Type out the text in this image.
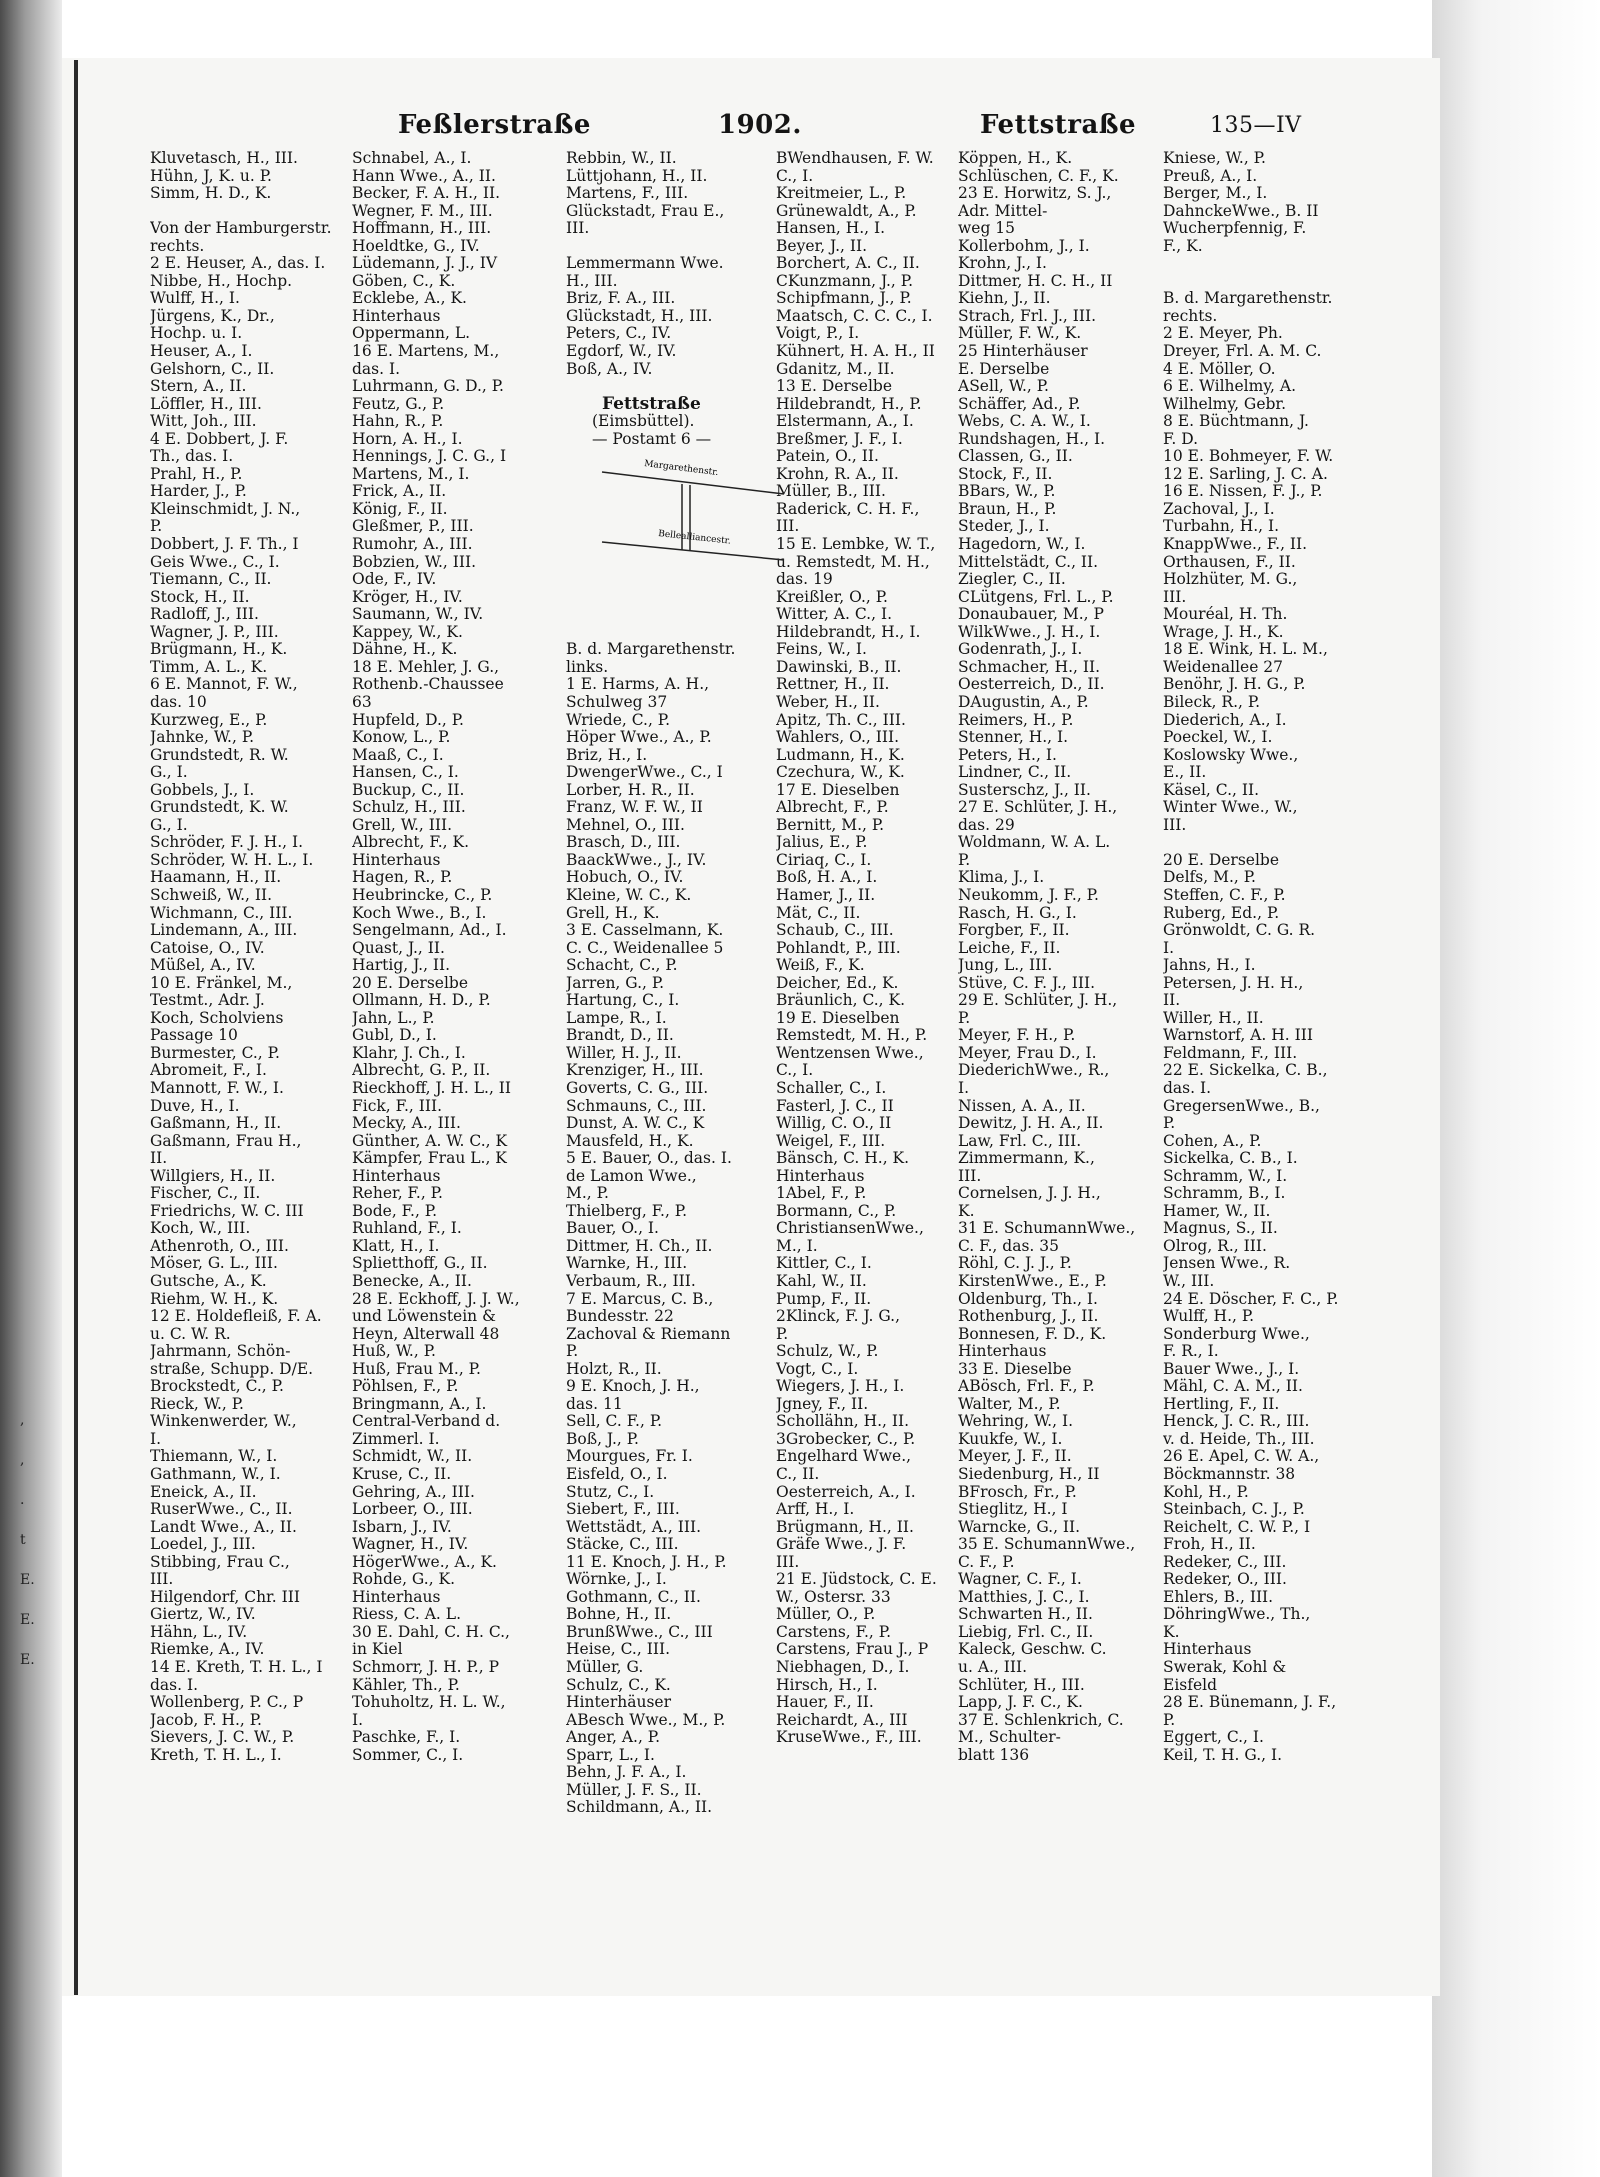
Feßlerstraße	1902.	Fettstraße	135—IV
Kluvetasch, H., III.
Hühn, J, K. u. P.
Simm, H. D., K.
Von der Hamburgerstr.
rechts.
2 E. Heuser, A., das. I.
Nibbe, H., Hochp.
Wulff, H., I.
Jürgens, K., Dr.,
Hochp. u. I.
Heuser, A., I.
Gelshorn, C., II.
Stern, A., II.
Löffler, H., III.
Witt, Joh., III.
4 E. Dobbert, J. F.
Th., das. I.
Prahl, H., P.
Harder, J., P.
Kleinschmidt, J. N.,
P.
Dobbert, J. F. Th., I
Geis Wwe., C., I.
Tiemann, C., II.
Stock, H., II.
Radloff, J., III.
Wagner, J. P., III.
Brügmann, H., K.
Timm, A. L., K.
6 E. Mannot, F. W.,
das. 10
Kurzweg, E., P.
Jahnke, W., P.
Grundstedt, R. W.
G., I.
Gobbels, J., I.
Grundstedt, K. W.
G., I.
Schröder, F. J. H., I.
Schröder, W. H. L., I.
Haamann, H., II.
Schweiß, W., II.
Wichmann, C., III.
Lindemann, A., III.
Catoise, O., IV.
Müßel, A., IV.
10 E. Fränkel, M.,
Testmt., Adr. J.
Koch, Scholviens
Passage 10
Burmester, C., P.
Abromeit, F., I.
Mannott, F. W., I.
Duve, H., I.
Gaßmann, H., II.
Gaßmann, Frau H.,
II.
Willgiers, H., II.
Fischer, C., II.
Friedrichs, W. C. III
Koch, W., III.
Athenroth, O., III.
Möser, G. L., III.
Gutsche, A., K.
Riehm, W. H., K.
12 E. Holdefleiß, F. A.
u. C. W. R.
Jahrmann, Schön-
straße, Schupp. D/E.
Brockstedt, C., P.
Rieck, W., P.
Winkenwerder, W.,
I.
Thiemann, W., I.
Gathmann, W., I.
Eneick, A., II.
RuserWwe., C., II.
Landt Wwe., A., II.
Loedel, J., III.
Stibbing, Frau C.,
III.
Hilgendorf, Chr. III
Giertz, W., IV.
Hähn, L., IV.
Riemke, A., IV.
14 E. Kreth, T. H. L., I
das. I.
Wollenberg, P. C., P
Jacob, F. H., P.
Sievers, J. C. W., P.
Kreth, T. H. L., I.
Schnabel, A., I.
Hann Wwe., A., II.
Becker, F. A. H., II.
Wegner, F. M., III.
Hoffmann, H., III.
Hoeldtke, G., IV.
Lüdemann, J. J., IV
Göben, C., K.
Ecklebe, A., K.
Hinterhaus
Oppermann, L.
16 E. Martens, M.,
das. I.
Luhrmann, G. D., P.
Feutz, G., P.
Hahn, R., P.
Horn, A. H., I.
Hennings, J. C. G., I
Martens, M., I.
Frick, A., II.
König, F., II.
Gleßmer, P., III.
Rumohr, A., III.
Bobzien, W., III.
Ode, F., IV.
Kröger, H., IV.
Saumann, W., IV.
Kappey, W., K.
Dähne, H., K.
18 E. Mehler, J. G.,
Rothenb.-Chaussee
63
Hupfeld, D., P.
Konow, L., P.
Maaß, C., I.
Hansen, C., I.
Buckup, C., II.
Schulz, H., III.
Grell, W., III.
Albrecht, F., K.
Hinterhaus
Hagen, R., P.
Heubrincke, C., P.
Koch Wwe., B., I.
Sengelmann, Ad., I.
Quast, J., II.
Hartig, J., II.
20 E. Derselbe
Ollmann, H. D., P.
Jahn, L., P.
Gubl, D., I.
Klahr, J. Ch., I.
Albrecht, G. P., II.
Rieckhoff, J. H. L., II
Fick, F., III.
Mecky, A., III.
Günther, A. W. C., K
Kämpfer, Frau L., K
Hinterhaus
Reher, F., P.
Bode, F., P.
Ruhland, F., I.
Klatt, H., I.
Splietthoff, G., II.
Benecke, A., II.
28 E. Eckhoff, J. J. W.,
und Löwenstein &
Heyn, Alterwall 48
Huß, W., P.
Huß, Frau M., P.
Pöhlsen, F., P.
Bringmann, A., I.
Central-Verband d.
Zimmerl. I.
Schmidt, W., II.
Kruse, C., II.
Gehring, A., III.
Lorbeer, O., III.
Isbarn, J., IV.
Wagner, H., IV.
HögerWwe., A., K.
Rohde, G., K.
Hinterhaus
Riess, C. A. L.
30 E. Dahl, C. H. C.,
in Kiel
Schmorr, J. H. P., P
Kähler, Th., P.
Tohuholtz, H. L. W.,
I.
Paschke, F., I.
Sommer, C., I.
Rebbin, W., II.
Lüttjohann, H., II.
Martens, F., III.
Glückstadt, Frau E.,
III.
Lemmermann Wwe.
H., III.
Briz, F. A., III.
Glückstadt, H., III.
Peters, C., IV.
Egdorf, W., IV.
Boß, A., IV.
Fettstraße
(Eimsbüttel).
— Postamt 6 —
B. d. Margarethenstr.
links.
1 E. Harms, A. H.,
Schulweg 37
Wriede, C., P.
Höper Wwe., A., P.
Briz, H., I.
DwengerWwe., C., I
Lorber, H. R., II.
Franz, W. F. W., II
Mehnel, O., III.
Brasch, D., III.
BaackWwe., J., IV.
Hobuch, O., IV.
Kleine, W. C., K.
Grell, H., K.
3 E. Casselmann, K.
C. C., Weidenallee 5
Schacht, C., P.
Jarren, G., P.
Hartung, C., I.
Lampe, R., I.
Brandt, D., II.
Willer, H. J., II.
Krenziger, H., III.
Goverts, C. G., III.
Schmauns, C., III.
Dunst, A. W. C., K
Mausfeld, H., K.
5 E. Bauer, O., das. I.
de Lamon Wwe.,
M., P.
Thielberg, F., P.
Bauer, O., I.
Dittmer, H. Ch., II.
Warnke, H., III.
Verbaum, R., III.
7 E. Marcus, C. B.,
Bundesstr. 22
Zachoval & Riemann
P.
Holzt, R., II.
9 E. Knoch, J. H.,
das. 11
Sell, C. F., P.
Boß, J., P.
Mourgues, Fr. I.
Eisfeld, O., I.
Stutz, C., I.
Siebert, F., III.
Wettstädt, A., III.
Stäcke, C., III.
11 E. Knoch, J. H., P.
Wörnke, J., I.
Gothmann, C., II.
Bohne, H., II.
BrunßWwe., C., III
Heise, C., III.
Müller, G.
Schulz, C., K.
Hinterhäuser
ABesch Wwe., M., P.
Anger, A., P.
Sparr, L., I.
Behn, J. F. A., I.
Müller, J. F. S., II.
Schildmann, A., II.
BWendhausen, F. W.
C., I.
Kreitmeier, L., P.
Grünewaldt, A., P.
Hansen, H., I.
Beyer, J., II.
Borchert, A. C., II.
CKunzmann, J., P.
Schipfmann, J., P.
Maatsch, C. C. C., I.
Voigt, P., I.
Kühnert, H. A. H., II
Gdanitz, M., II.
13 E. Derselbe
Hildebrandt, H., P.
Elstermann, A., I.
Breßmer, J. F., I.
Patein, O., II.
Krohn, R. A., II.
Müller, B., III.
Raderick, C. H. F.,
III.
15 E. Lembke, W. T.,
u. Remstedt, M. H.,
das. 19
Kreißler, O., P.
Witter, A. C., I.
Hildebrandt, H., I.
Feins, W., I.
Dawinski, B., II.
Rettner, H., II.
Weber, H., II.
Apitz, Th. C., III.
Wahlers, O., III.
Ludmann, H., K.
Czechura, W., K.
17 E. Dieselben
Albrecht, F., P.
Bernitt, M., P.
Jalius, E., P.
Ciriaq, C., I.
Boß, H. A., I.
Hamer, J., II.
Mät, C., II.
Schaub, C., III.
Pohlandt, P., III.
Weiß, F., K.
Deicher, Ed., K.
Bräunlich, C., K.
19 E. Dieselben
Remstedt, M. H., P.
Wentzensen Wwe.,
C., I.
Schaller, C., I.
Fasterl, J. C., II
Willig, C. O., II
Weigel, F., III.
Bänsch, C. H., K.
Hinterhaus
1Abel, F., P.
Bormann, C., P.
ChristiansenWwe.,
M., I.
Kittler, C., I.
Kahl, W., II.
Pump, F., II.
2Klinck, F. J. G.,
P.
Schulz, W., P.
Vogt, C., I.
Wiegers, J. H., I.
Jgney, F., II.
Schollähn, H., II.
3Grobecker, C., P.
Engelhard Wwe.,
C., II.
Oesterreich, A., I.
Arff, H., I.
Brügmann, H., II.
Gräfe Wwe., J. F.
III.
21 E. Jüdstock, C. E.
W., Ostersr. 33
Müller, O., P.
Carstens, F., P.
Carstens, Frau J., P
Niebhagen, D., I.
Hirsch, H., I.
Hauer, F., II.
Reichardt, A., III
KruseWwe., F., III.
Köppen, H., K.
Schlüschen, C. F., K.
23 E. Horwitz, S. J.,
Adr. Mittel-
weg 15
Kollerbohm, J., I.
Krohn, J., I.
Dittmer, H. C. H., II
Kiehn, J., II.
Strach, Frl. J., III.
Müller, F. W., K.
25 Hinterhäuser
E. Derselbe
ASell, W., P.
Schäffer, Ad., P.
Webs, C. A. W., I.
Rundshagen, H., I.
Classen, G., II.
Stock, F., II.
BBars, W., P.
Braun, H., P.
Steder, J., I.
Hagedorn, W., I.
Mittelstädt, C., II.
Ziegler, C., II.
CLütgens, Frl. L., P.
Donaubauer, M., P
WilkWwe., J. H., I.
Godenrath, J., I.
Schmacher, H., II.
Oesterreich, D., II.
DAugustin, A., P.
Reimers, H., P.
Stenner, H., I.
Peters, H., I.
Lindner, C., II.
Susterschz, J., II.
27 E. Schlüter, J. H.,
das. 29
Woldmann, W. A. L.
P.
Klima, J., I.
Neukomm, J. F., P.
Rasch, H. G., I.
Forgber, F., II.
Leiche, F., II.
Jung, L., III.
Stüve, C. F. J., III.
29 E. Schlüter, J. H.,
P.
Meyer, F. H., P.
Meyer, Frau D., I.
DiederichWwe., R.,
I.
Nissen, A. A., II.
Dewitz, J. H. A., II.
Law, Frl. C., III.
Zimmermann, K.,
III.
Cornelsen, J. J. H.,
K.
31 E. SchumannWwe.,
C. F., das. 35
Röhl, C. J. J., P.
KirstenWwe., E., P.
Oldenburg, Th., I.
Rothenburg, J., II.
Bonnesen, F. D., K.
Hinterhaus
33 E. Dieselbe
ABösch, Frl. F., P.
Walter, M., P.
Wehring, W., I.
Kuukfe, W., I.
Meyer, J. F., II.
Siedenburg, H., II
BFrosch, Fr., P.
Stieglitz, H., I
Warncke, G., II.
35 E. SchumannWwe.,
C. F., P.
Wagner, C. F., I.
Matthies, J. C., I.
Schwarten H., II.
Liebig, Frl. C., II.
Kaleck, Geschw. C.
u. A., III.
Schlüter, H., III.
Lapp, J. F. C., K.
37 E. Schlenkrich, C.
M., Schulter-
blatt 136
Kniese, W., P.
Preuß, A., I.
Berger, M., I.
DahnckeWwe., B. II
Wucherpfennig, F.
F., K.
B. d. Margarethenstr.
rechts.
2 E. Meyer, Ph.
Dreyer, Frl. A. M. C.
4 E. Möller, O.
6 E. Wilhelmy, A.
Wilhelmy, Gebr.
8 E. Büchtmann, J.
F. D.
10 E. Bohmeyer, F. W.
12 E. Sarling, J. C. A.
16 E. Nissen, F. J., P.
Zachoval, J., I.
Turbahn, H., I.
KnappWwe., F., II.
Orthausen, F., II.
Holzhüter, M. G.,
III.
Mouréal, H. Th.
Wrage, J. H., K.
18 E. Wink, H. L. M.,
Weidenallee 27
Benöhr, J. H. G., P.
Bileck, R., P.
Diederich, A., I.
Poeckel, W., I.
Koslowsky Wwe.,
E., II.
Käsel, C., II.
Winter Wwe., W.,
III.
20 E. Derselbe
Delfs, M., P.
Steffen, C. F., P.
Ruberg, Ed., P.
Grönwoldt, C. G. R.
I.
Jahns, H., I.
Petersen, J. H. H.,
II.
Willer, H., II.
Warnstorf, A. H. III
Feldmann, F., III.
22 E. Sickelka, C. B.,
das. I.
GregersenWwe., B.,
P.
Cohen, A., P.
Sickelka, C. B., I.
Schramm, W., I.
Schramm, B., I.
Hamer, W., II.
Magnus, S., II.
Olrog, R., III.
Jensen Wwe., R.
W., III.
24 E. Döscher, F. C., P.
Wulff, H., P.
Sonderburg Wwe.,
F. R., I.
Bauer Wwe., J., I.
Mähl, C. A. M., II.
Hertling, F., II.
Henck, J. C. R., III.
v. d. Heide, Th., III.
26 E. Apel, C. W. A.,
Böckmannstr. 38
Kohl, H., P.
Steinbach, C. J., P.
Reichelt, C. W. P., I
Froh, H., II.
Redeker, C., III.
Redeker, O., III.
Ehlers, B., III.
DöhringWwe., Th.,
K.
Hinterhaus
Swerak, Kohl &
Eisfeld
28 E. Bünemann, J. F.,
P.
Eggert, C., I.
Keil, T. H. G., I.
Margarethenstr.
Bellealliancestr.
,
,
.
t
E.
E.
E.
